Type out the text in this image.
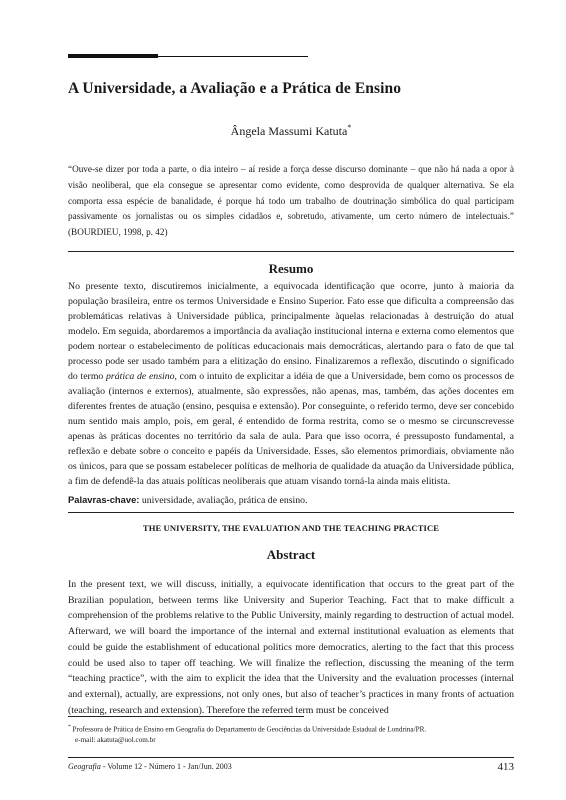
A Universidade, a Avaliação e a Prática de Ensino
Ângela Massumi Katuta*

“Ouve-se dizer por toda a parte, o dia inteiro – aí reside a força desse discurso dominante – que não há nada a opor à visão neoliberal, que ela consegue se apresentar como evidente, como desprovida de qualquer alternativa. Se ela comporta essa espécie de banalidade, é porque há todo um trabalho de doutrinação simbólica do qual participam passivamente os jornalistas ou os simples cidadãos e, sobretudo, ativamente, um certo número de intelectuais.” (BOURDIEU, 1998, p. 42)

Resumo

No presente texto, discutiremos inicialmente, a equivocada identificação que ocorre, junto à maioria da população brasileira, entre os termos Universidade e Ensino Superior. Fato esse que dificulta a compreensão das problemáticas relativas à Universidade pública, principalmente àquelas relacionadas à destruição do atual modelo. Em seguida, abordaremos a importância da avaliação institucional interna e externa como elementos que podem nortear o estabelecimento de políticas educacionais mais democráticas, alertando para o fato de que tal processo pode ser usado também para a elitização do ensino. Finalizaremos a reflexão, discutindo o significado do termo prática de ensino, com o intuito de explicitar a idéia de que a Universidade, bem como os processos de avaliação (internos e externos), atualmente, são expressões, não apenas, mas, também, das ações docentes em diferentes frentes de atuação (ensino, pesquisa e extensão). Por conseguinte, o referido termo, deve ser concebido num sentido mais amplo, pois, em geral, é entendido de forma restrita, como se o mesmo se circunscrevesse apenas às práticas docentes no território da sala de aula. Para que isso ocorra, é pressuposto fundamental, a reflexão e debate sobre o conceito e papéis da Universidade. Esses, são elementos primordiais, obviamente não os únicos, para que se possam estabelecer políticas de melhoria de qualidade da atuação da Universidade pública, a fim de defendê-la das atuais políticas neoliberais que atuam visando torná-la ainda mais elitista.

Palavras-chave: universidade, avaliação, prática de ensino.

THE UNIVERSITY, THE EVALUATION AND THE TEACHING PRACTICE
Abstract

In the present text, we will discuss, initially, a equivocate identification that occurs to the great part of the Brazilian population, between terms like University and Superior Teaching. Fact that to make difficult a comprehension of the problems relative to the Public University, mainly regarding to destruction of actual model. Afterward, we will board the importance of the internal and external institutional evaluation as elements that could be guide the establishment of educational politics more democratics, alerting to the fact that this process could be used also to taper off teaching. We will finalize the reflection, discussing the meaning of the term “teaching practice”, with the aim to explicit the idea that the University and the evaluation processes (internal and external), actually, are expressions, not only ones, but also of teacher’s practices in many fronts of actuation (teaching, research and extension). Therefore the referred term must be conceived

* Professora de Prática de Ensino em Geografia do Departamento de Geociências da Universidade Estadual de Londrina/PR.
e-mail: akatuta@uol.com.br

Geografia - Volume 12 - Número 1 - Jan/Jun. 2003	413
